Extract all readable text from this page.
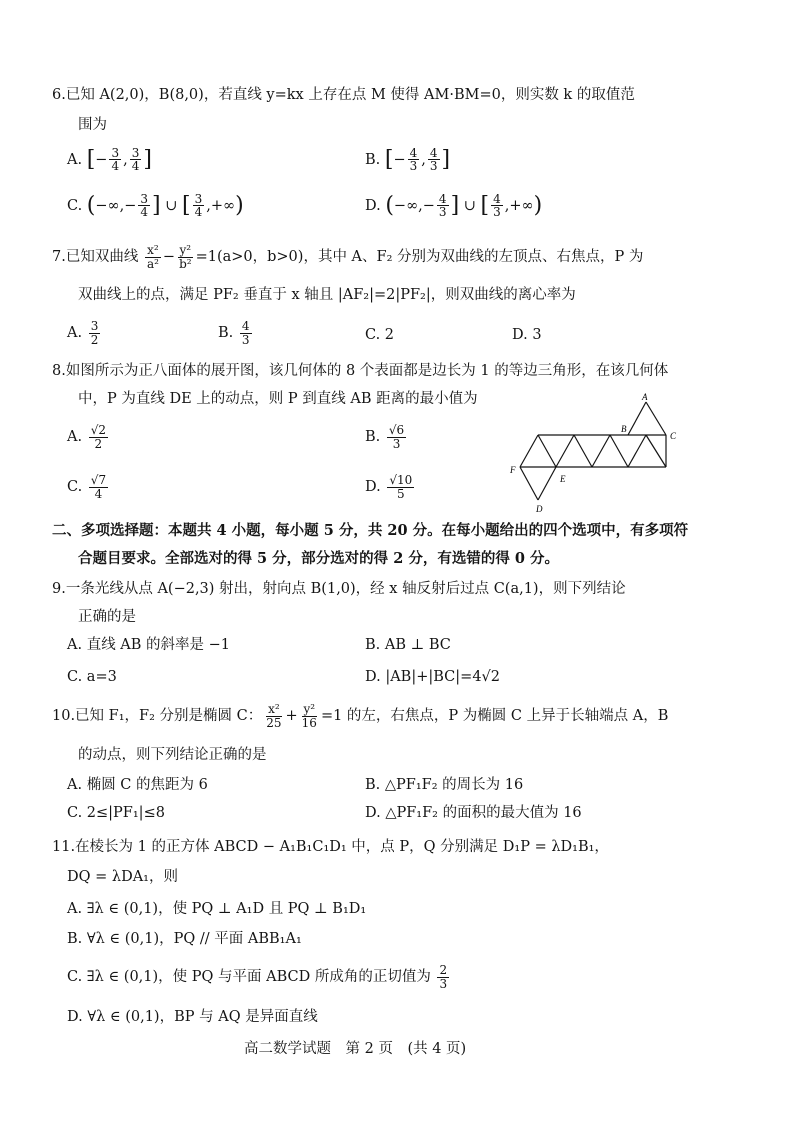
6.已知 A(2,0)，B(8,0)，若直线 y=kx 上存在点 M 使得 AM·BM=0，则实数 k 的取值范
围为
A. [− $\frac{3}{4}$ , $\frac{3}{4}$ ]	B. [− $\frac{4}{3}$ , $\frac{4}{3}$ ]
C. (−∞,− $\frac{3}{4}$ ] ∪ [ $\frac{3}{4}$ ,+∞)	D. (−∞,− $\frac{4}{3}$ ] ∪ [ $\frac{4}{3}$ ,+∞)
7.已知双曲线 $\frac{\text{x²}}{\text{a²}} - \frac{\text{y²}}{\text{b²}} =1(a>0$，b>0)，其中 A、F₂ 分别为双曲线的左顶点、右焦点，P 为
双曲线上的点，满足 PF₂ 垂直于 x 轴且 |AF₂|=2|PF₂|，则双曲线的离心率为
A. $\frac{3}{2}$	B. $\frac{4}{3}$	C. 2	D. 3
8.如图所示为正八面体的展开图，该几何体的 8 个表面都是边长为 1 的等边三角形，在该几何体
中，P 为直线 DE 上的动点，则 P 到直线 AB 距离的最小值为
A. $\frac{√2}{2}$	B. $\frac{√6}{3}$
C. $\frac{√7}{4}$	D. $\frac{√10}{5}$
A
B
C
F
E
D
二、多项选择题：本题共 4 小题，每小题 5 分，共 20 分。在每小题给出的四个选项中，有多项符
合题目要求。全部选对的得 5 分，部分选对的得 2 分，有选错的得 0 分。
9.一条光线从点 A(−2,3) 射出，射向点 B(1,0)，经 x 轴反射后过点 C(a,1)，则下列结论
正确的是
A. 直线 AB 的斜率是 −1	B. AB ⊥ BC
C. a=3	D. |AB|+|BC|=4√2
10.已知 F₁，F₂ 分别是椭圆 C： $\frac{\text{x²}}{25} + \frac{\text{y²}}{16} =1$ 的左，右焦点，P 为椭圆 C 上异于长轴端点 A，B
的动点，则下列结论正确的是
A. 椭圆 C 的焦距为 6	B. △PF₁F₂ 的周长为 16
C. 2≤|PF₁|≤8	D. △PF₁F₂ 的面积的最大值为 16
11.在棱长为 1 的正方体 ABCD − A₁B₁C₁D₁ 中，点 P，Q 分别满足 D₁P = λD₁B₁，
DQ = λDA₁，则
A. ∃λ ∈ (0,1)，使 PQ ⊥ A₁D 且 PQ ⊥ B₁D₁
B. ∀λ ∈ (0,1)，PQ // 平面 ABB₁A₁
C. ∃λ ∈ (0,1)，使 PQ 与平面 ABCD 所成角的正切值为 $\frac{2}{3}$
D. ∀λ ∈ (0,1)，BP 与 AQ 是异面直线
高二数学试题　第 2 页　(共 4 页)
